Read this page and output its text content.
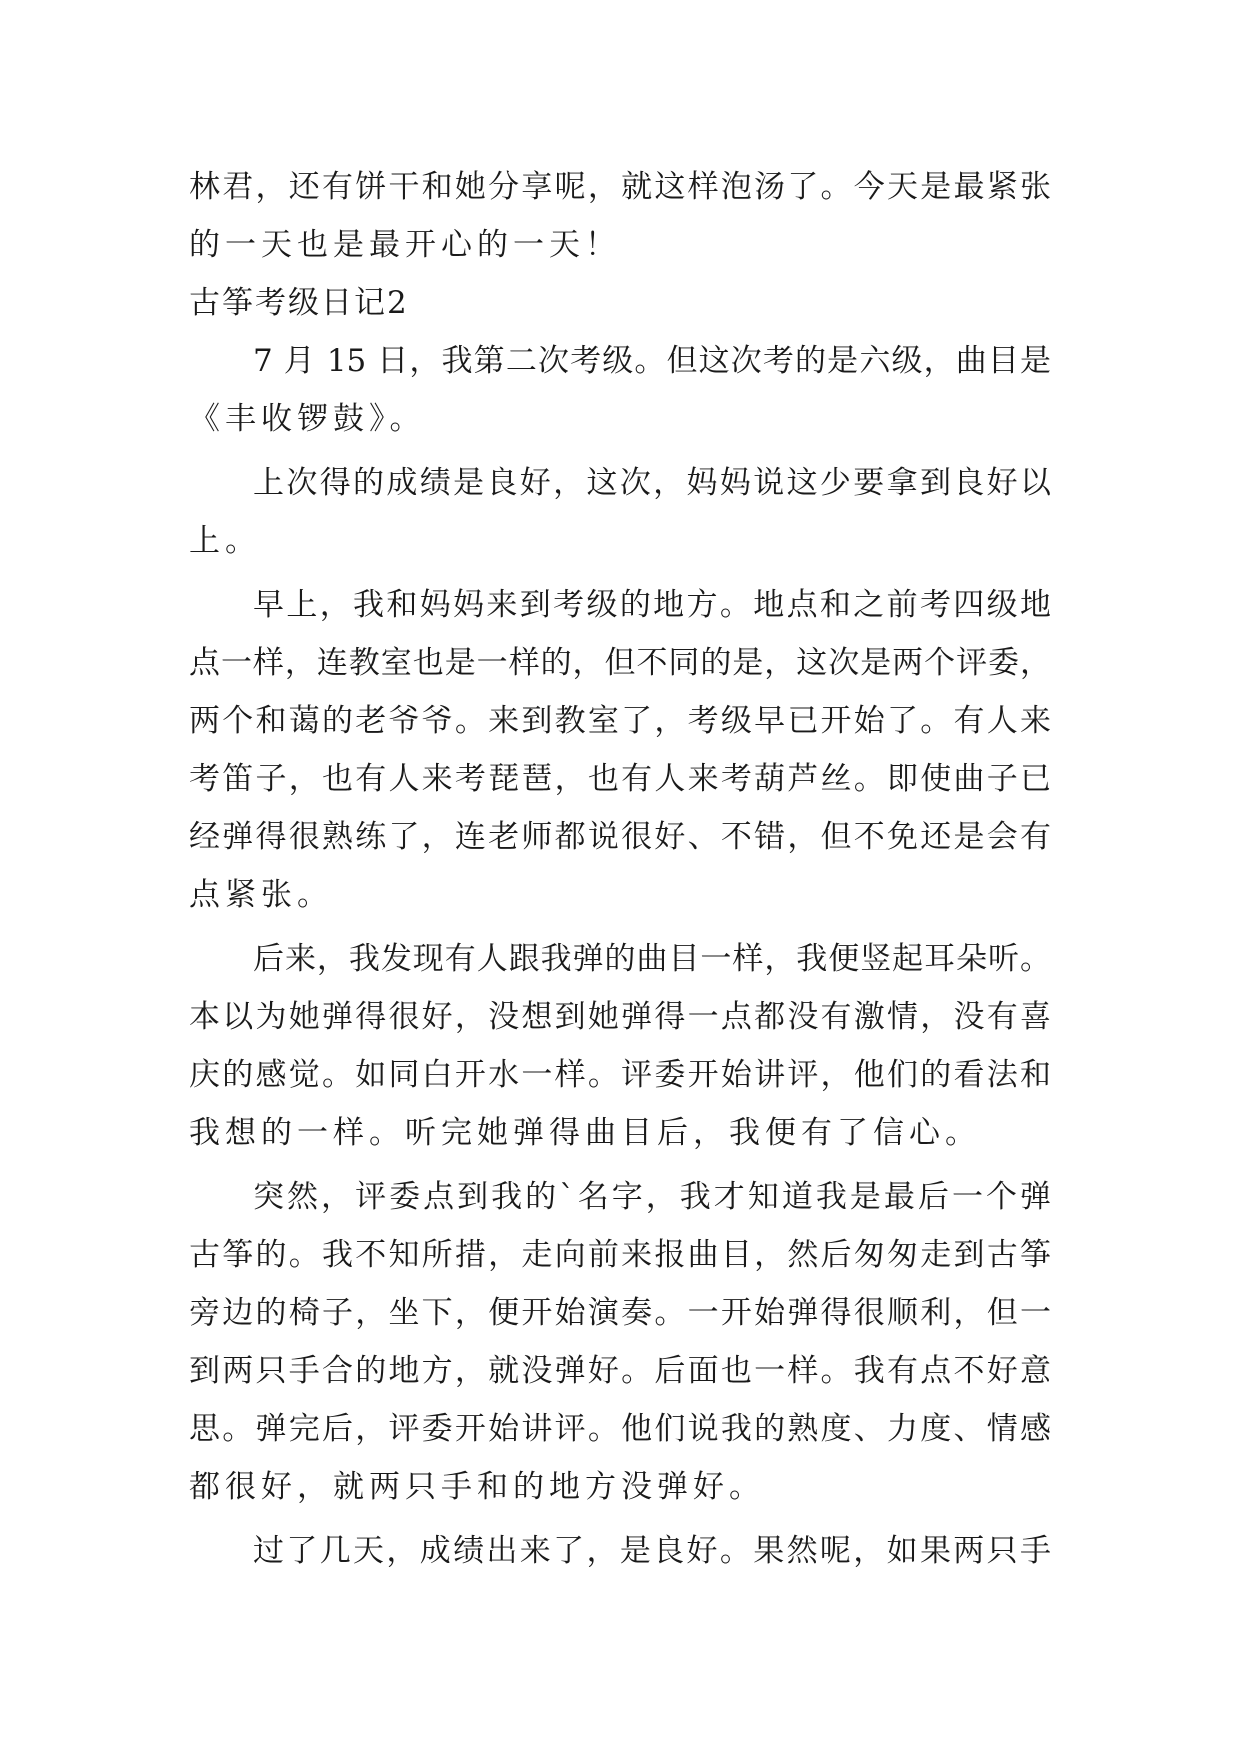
林君，还有饼干和她分享呢，就这样泡汤了。今天是最紧张
的一天也是最开心的一天！
古筝考级日记2
7 月 15 日，我第二次考级。但这次考的是六级，曲目是
《丰收锣鼓》。
上次得的成绩是良好，这次，妈妈说这少要拿到良好以
上。
早上，我和妈妈来到考级的地方。地点和之前考四级地
点一样，连教室也是一样的，但不同的是，这次是两个评委，
两个和蔼的老爷爷。来到教室了，考级早已开始了。有人来
考笛子，也有人来考琵琶，也有人来考葫芦丝。即使曲子已
经弹得很熟练了，连老师都说很好、不错，但不免还是会有
点紧张。
后来，我发现有人跟我弹的曲目一样，我便竖起耳朵听。
本以为她弹得很好，没想到她弹得一点都没有激情，没有喜
庆的感觉。如同白开水一样。评委开始讲评，他们的看法和
我想的一样。听完她弹得曲目后，我便有了信心。
突然，评委点到我的`名字，我才知道我是最后一个弹
古筝的。我不知所措，走向前来报曲目，然后匆匆走到古筝
旁边的椅子，坐下，便开始演奏。一开始弹得很顺利，但一
到两只手合的地方，就没弹好。后面也一样。我有点不好意
思。弹完后，评委开始讲评。他们说我的熟度、力度、情感
都很好，就两只手和的地方没弹好。
过了几天，成绩出来了，是良好。果然呢，如果两只手
